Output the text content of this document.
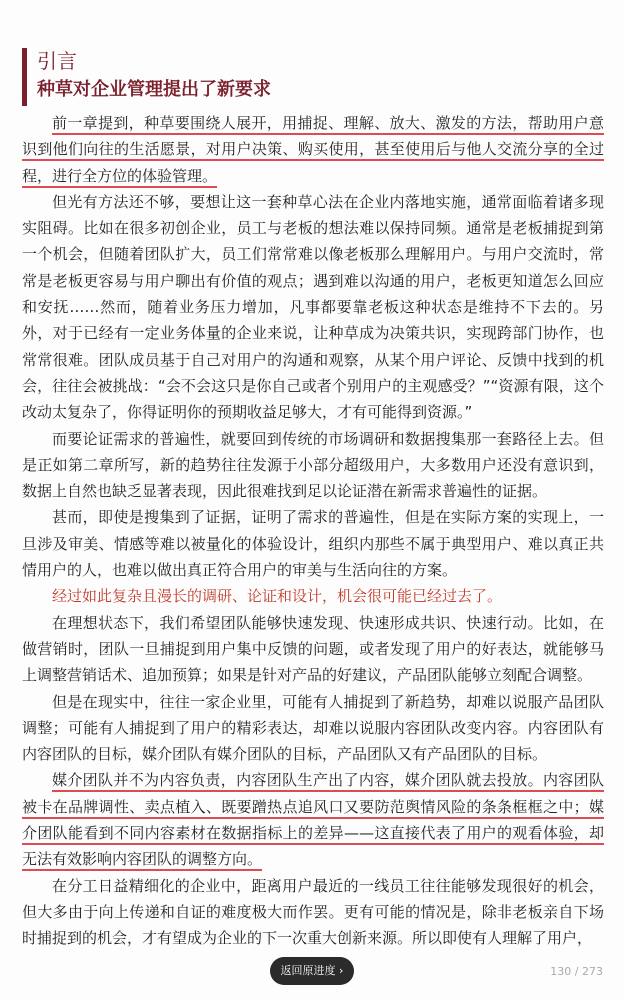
引言
种草对企业管理提出了新要求

前一章提到，种草要围绕人展开，用捕捉、理解、放大、激发的方法，帮助用户意识到他们向往的生活愿景，对用户决策、购买使用，甚至使用后与他人交流分享的全过程，进行全方位的体验管理。

但光有方法还不够，要想让这一套种草心法在企业内落地实施，通常面临着诸多现实阻碍。比如在很多初创企业，员工与老板的想法难以保持同频。通常是老板捕捉到第一个机会，但随着团队扩大，员工们常常难以像老板那么理解用户。与用户交流时，常常是老板更容易与用户聊出有价值的观点；遇到难以沟通的用户，老板更知道怎么回应和安抚……然而，随着业务压力增加，凡事都要靠老板这种状态是维持不下去的。另外，对于已经有一定业务体量的企业来说，让种草成为决策共识，实现跨部门协作，也常常很难。团队成员基于自己对用户的沟通和观察，从某个用户评论、反馈中找到的机会，往往会被挑战：“会不会这只是你自己或者个别用户的主观感受？”“资源有限，这个改动太复杂了，你得证明你的预期收益足够大，才有可能得到资源。”

而要论证需求的普遍性，就要回到传统的市场调研和数据搜集那一套路径上去。但是正如第二章所写，新的趋势往往发源于小部分超级用户，大多数用户还没有意识到，数据上自然也缺乏显著表现，因此很难找到足以论证潜在新需求普遍性的证据。

甚而，即使是搜集到了证据，证明了需求的普遍性，但是在实际方案的实现上，一旦涉及审美、情感等难以被量化的体验设计，组织内那些不属于典型用户、难以真正共情用户的人，也难以做出真正符合用户的审美与生活向往的方案。

经过如此复杂且漫长的调研、论证和设计，机会很可能已经过去了。

在理想状态下，我们希望团队能够快速发现、快速形成共识、快速行动。比如，在做营销时，团队一旦捕捉到用户集中反馈的问题，或者发现了用户的好表达，就能够马上调整营销话术、追加预算；如果是针对产品的好建议，产品团队能够立刻配合调整。

但是在现实中，往往一家企业里，可能有人捕捉到了新趋势，却难以说服产品团队调整；可能有人捕捉到了用户的精彩表达，却难以说服内容团队改变内容。内容团队有内容团队的目标，媒介团队有媒介团队的目标，产品团队又有产品团队的目标。

媒介团队并不为内容负责，内容团队生产出了内容，媒介团队就去投放。内容团队被卡在品牌调性、卖点植入、既要蹭热点追风口又要防范舆情风险的条条框框之中；媒介团队能看到不同内容素材在数据指标上的差异——这直接代表了用户的观看体验，却无法有效影响内容团队的调整方向。

在分工日益精细化的企业中，距离用户最近的一线员工往往能够发现很好的机会，但大多由于向上传递和自证的难度极大而作罢。更有可能的情况是，除非老板亲自下场时捕捉到的机会，才有望成为企业的下一次重大创新来源。所以即使有人理解了用户，

返回原进度 ›	130 / 273
